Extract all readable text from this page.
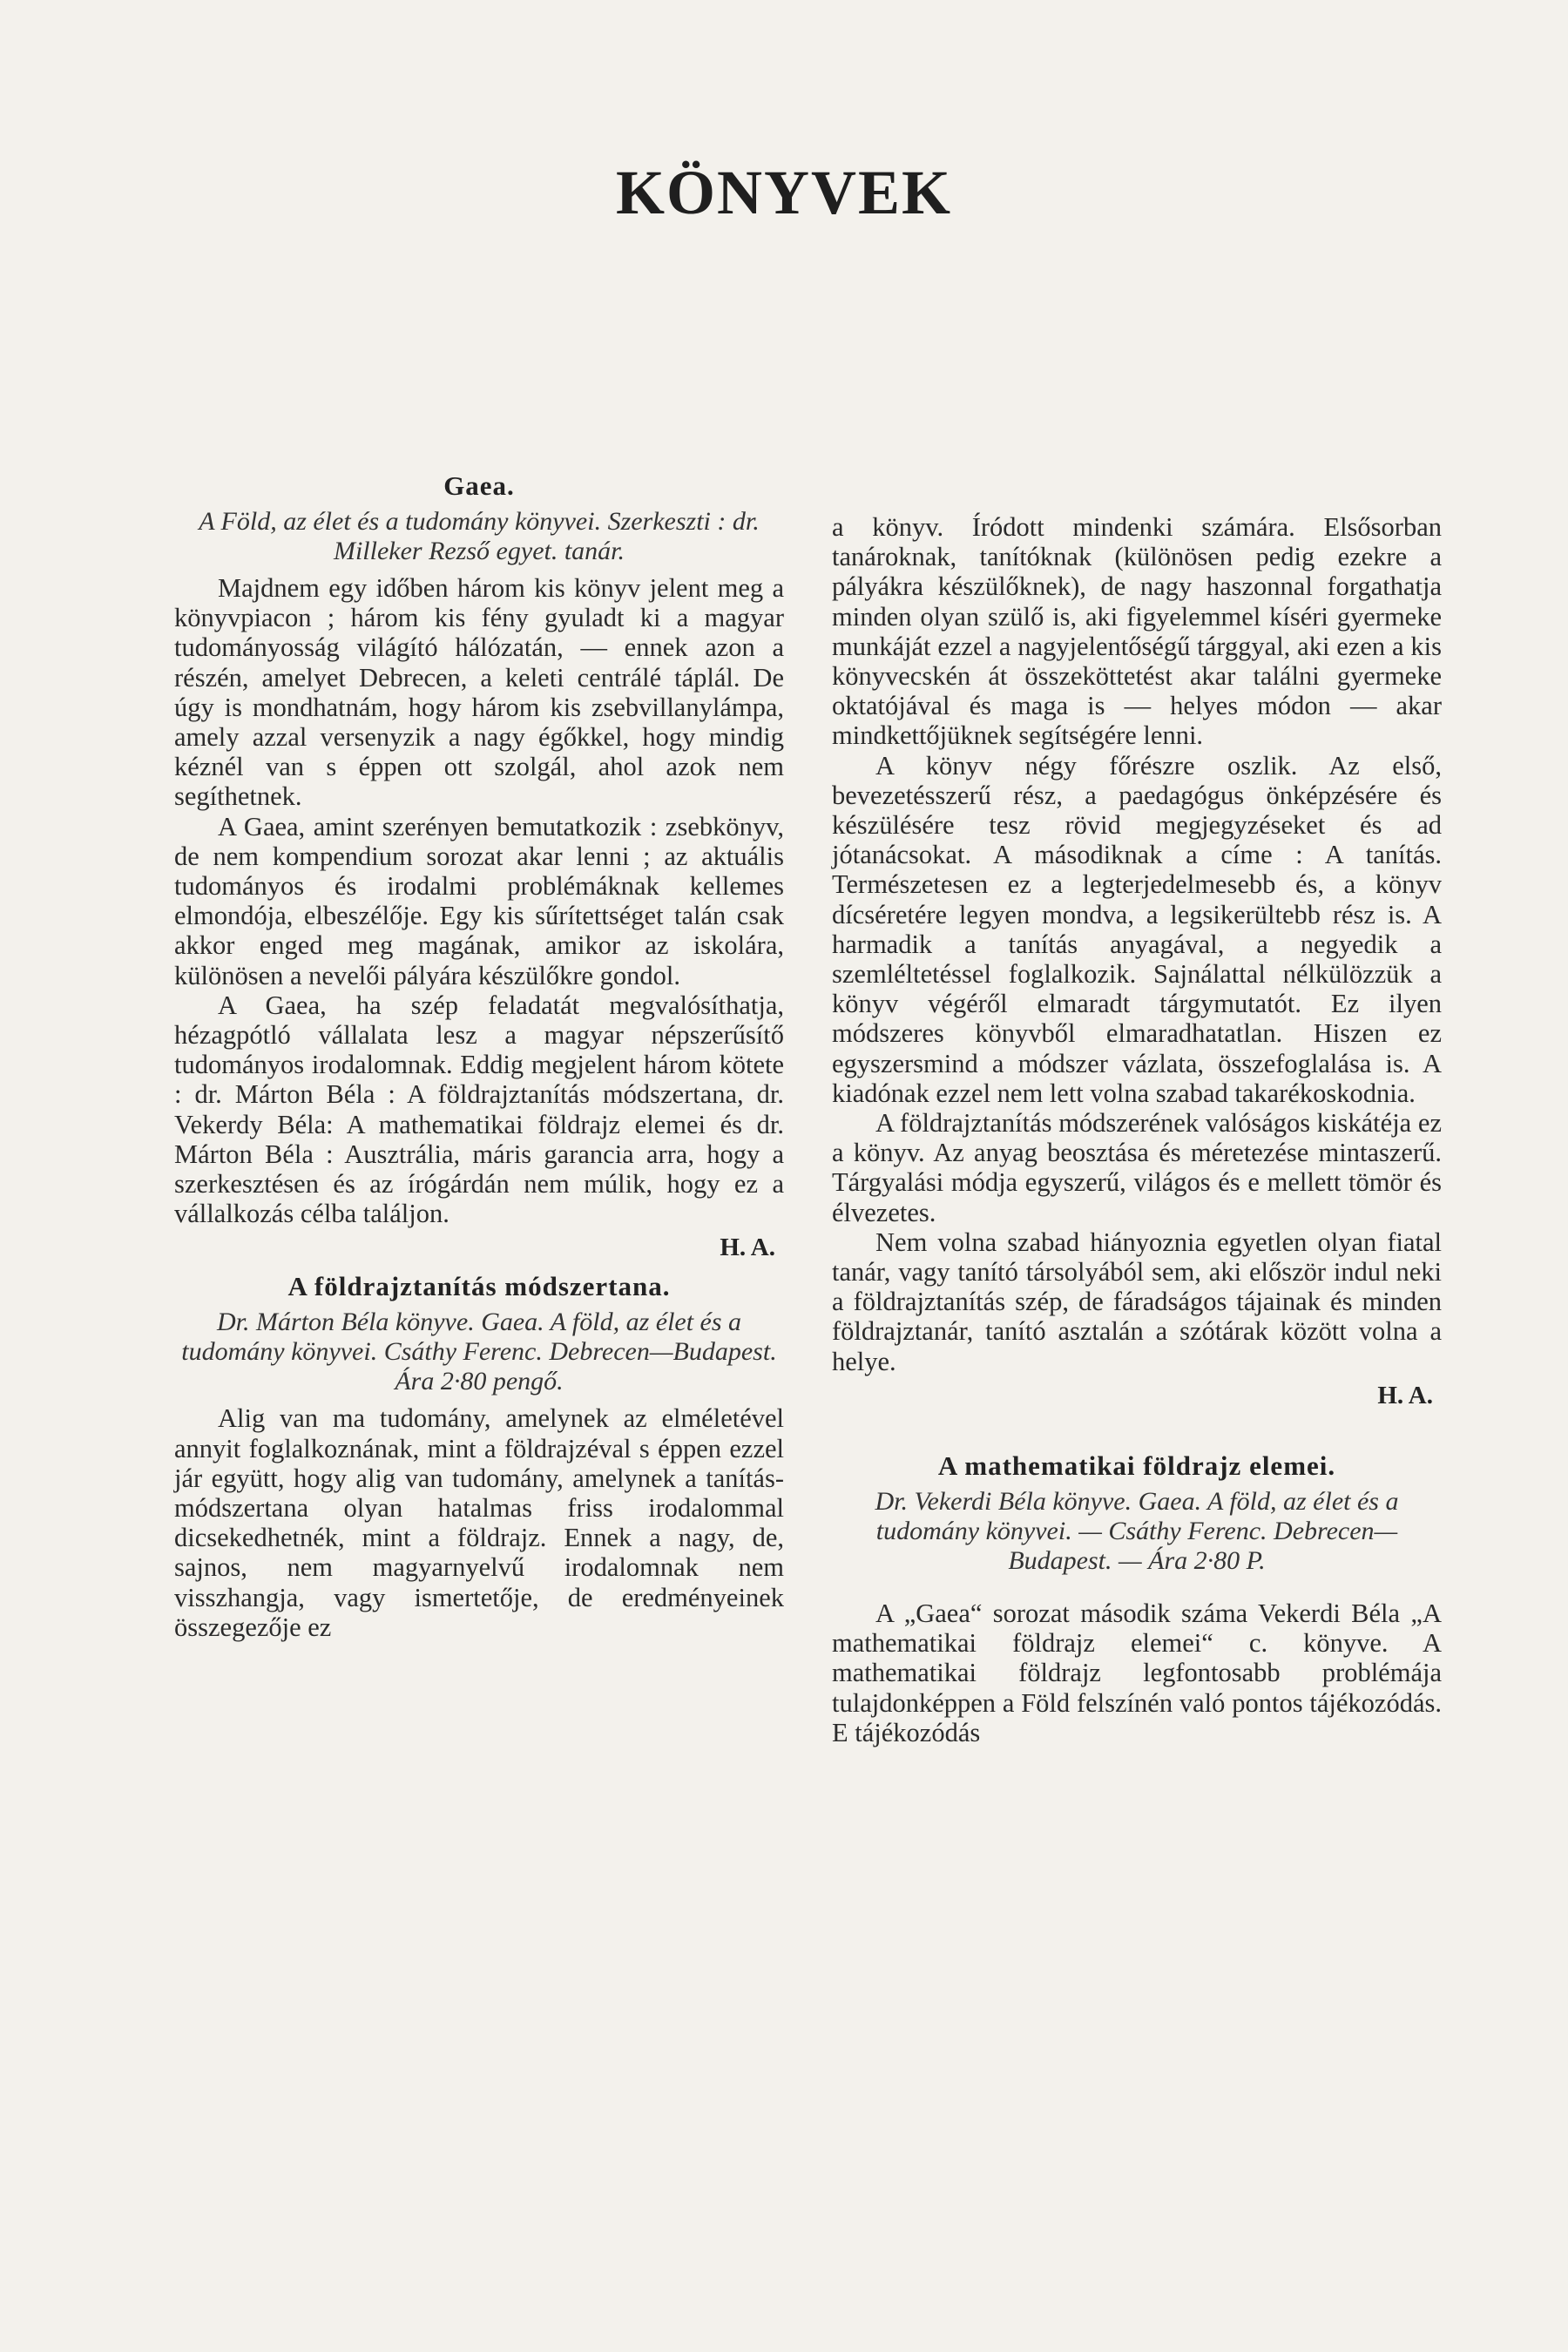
KÖNYVEK
Gaea.
A Föld, az élet és a tudomány könyvei. Szerkeszti : dr. Milleker Rezső egyet. tanár.

Majdnem egy időben három kis könyv jelent meg a könyvpiacon ; három kis fény gyuladt ki a magyar tudományosság világító hálózatán, — ennek azon a részén, amelyet Debrecen, a keleti centrálé táplál. De úgy is mondhatnám, hogy három kis zsebvillanylámpa, amely azzal versenyzik a nagy égőkkel, hogy mindig kéznél van s éppen ott szolgál, ahol azok nem segíthetnek.

A Gaea, amint szerényen bemutatkozik : zsebkönyv, de nem kompendium sorozat akar lenni ; az aktuális tudományos és irodalmi problémáknak kellemes elmondója, elbeszélője. Egy kis sűrítettséget talán csak akkor enged meg magának, amikor az iskolára, különösen a nevelői pályára készülőkre gondol.

A Gaea, ha szép feladatát megvalósíthatja, hézagpótló vállalata lesz a magyar népszerűsítő tudományos irodalomnak. Eddig megjelent három kötete : dr. Márton Béla : A földrajztanítás módszertana, dr. Vekerdy Béla: A mathematikai földrajz elemei és dr. Márton Béla : Ausztrália, máris garancia arra, hogy a szerkesztésen és az írógárdán nem múlik, hogy ez a vállalkozás célba találjon.

H. A.
A földrajztanítás módszertana.
Dr. Márton Béla könyve. Gaea. A föld, az élet és a tudomány könyvei. Csáthy Ferenc. Debrecen—Budapest. Ára 2·80 pengő.

Alig van ma tudomány, amelynek az elméletével annyit foglalkoznának, mint a földrajzéval s éppen ezzel jár együtt, hogy alig van tudomány, amelynek a tanítás-módszertana olyan hatalmas friss irodalommal dicsekedhetnék, mint a földrajz. Ennek a nagy, de, sajnos, nem magyarnyelvű irodalomnak nem visszhangja, vagy ismertetője, de eredményeinek összegezője ez

a könyv. Íródott mindenki számára. Elsősorban tanároknak, tanítóknak (különösen pedig ezekre a pályákra készülőknek), de nagy haszonnal forgathatja minden olyan szülő is, aki figyelemmel kíséri gyermeke munkáját ezzel a nagyjelentőségű tárggyal, aki ezen a kis könyvecskén át összeköttetést akar találni gyermeke oktatójával és maga is — helyes módon — akar mindkettőjüknek segítségére lenni.

A könyv négy főrészre oszlik. Az első, bevezetésszerű rész, a paedagógus önképzésére és készülésére tesz rövid megjegyzéseket és ad jótanácsokat. A másodiknak a címe : A tanítás. Természetesen ez a legterjedelmesebb és, a könyv dícséretére legyen mondva, a legsikerültebb rész is. A harmadik a tanítás anyagával, a negyedik a szemléltetéssel foglalkozik. Sajnálattal nélkülözzük a könyv végéről elmaradt tárgymutatót. Ez ilyen módszeres könyvből elmaradhatatlan. Hiszen ez egyszersmind a módszer vázlata, összefoglalása is. A kiadónak ezzel nem lett volna szabad takarékoskodnia.

A földrajztanítás módszerének valóságos kiskátéja ez a könyv. Az anyag beosztása és méretezése mintaszerű. Tárgyalási módja egyszerű, világos és e mellett tömör és élvezetes.

Nem volna szabad hiányoznia egyetlen olyan fiatal tanár, vagy tanító társolyából sem, aki először indul neki a földrajztanítás szép, de fáradságos tájainak és minden földrajztanár, tanító asztalán a szótárak között volna a helye.

H. A.
A mathematikai földrajz elemei.
Dr. Vekerdi Béla könyve. Gaea. A föld, az élet és a tudomány könyvei. — Csáthy Ferenc. Debrecen—Budapest. — Ára 2·80 P.

A „Gaea“ sorozat második száma Vekerdi Béla „A mathematikai földrajz elemei“ c. könyve. A mathematikai földrajz legfontosabb problémája tulajdonképpen a Föld felszínén való pontos tájékozódás. E tájékozódás
